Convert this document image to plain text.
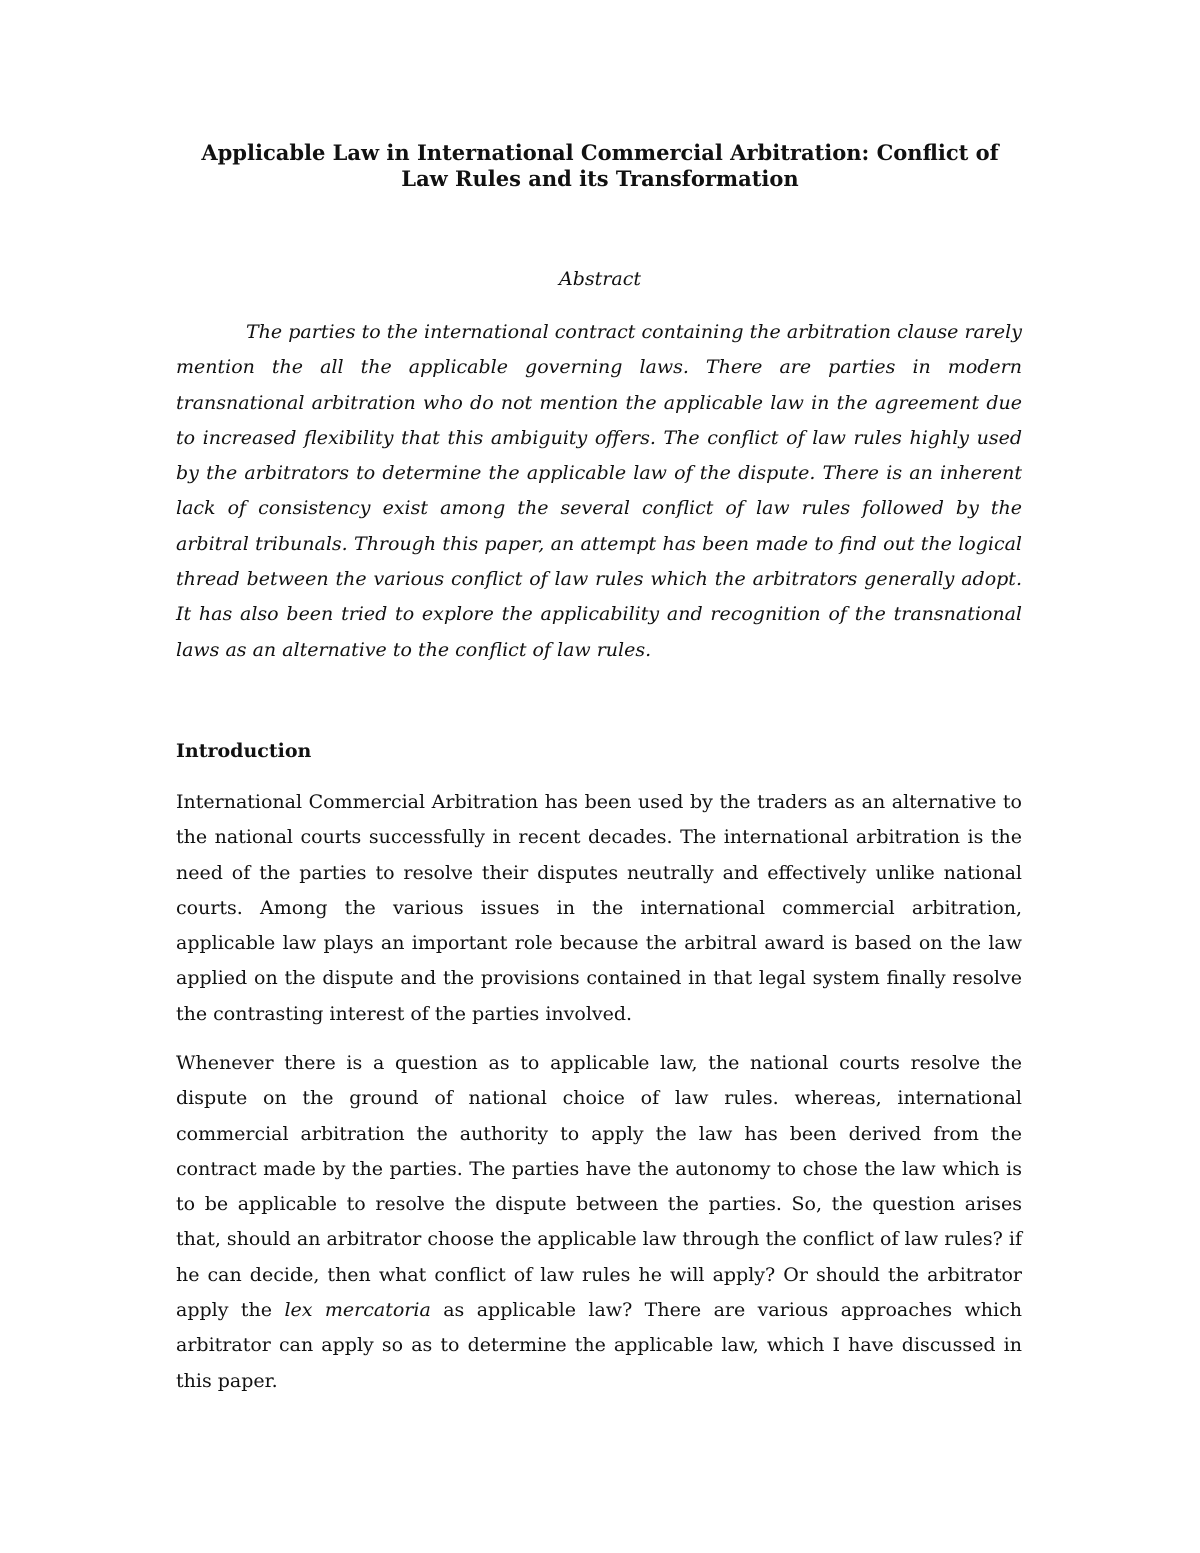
Applicable Law in International Commercial Arbitration: Conflict of
Law Rules and its Transformation
Abstract

The parties to the international contract containing the arbitration clause rarely mention the all the applicable governing laws. There are parties in modern transnational arbitration who do not mention the applicable law in the agreement due to increased flexibility that this ambiguity offers. The conflict of law rules highly used by the arbitrators to determine the applicable law of the dispute. There is an inherent lack of consistency exist among the several conflict of law rules followed by the arbitral tribunals. Through this paper, an attempt has been made to find out the logical thread between the various conflict of law rules which the arbitrators generally adopt. It has also been tried to explore the applicability and recognition of the transnational laws as an alternative to the conflict of law rules.

Introduction

International Commercial Arbitration has been used by the traders as an alternative to the national courts successfully in recent decades. The international arbitration is the need of the parties to resolve their disputes neutrally and effectively unlike national courts. Among the various issues in the international commercial arbitration, applicable law plays an important role because the arbitral award is based on the law applied on the dispute and the provisions contained in that legal system finally resolve the contrasting interest of the parties involved.

Whenever there is a question as to applicable law, the national courts resolve the dispute on the ground of national choice of law rules. whereas, international commercial arbitration the authority to apply the law has been derived from the contract made by the parties. The parties have the autonomy to chose the law which is to be applicable to resolve the dispute between the parties. So, the question arises that, should an arbitrator choose the applicable law through the conflict of law rules? if he can decide, then what conflict of law rules he will apply? Or should the arbitrator apply the lex mercatoria as applicable law? There are various approaches which arbitrator can apply so as to determine the applicable law, which I have discussed in this paper.
